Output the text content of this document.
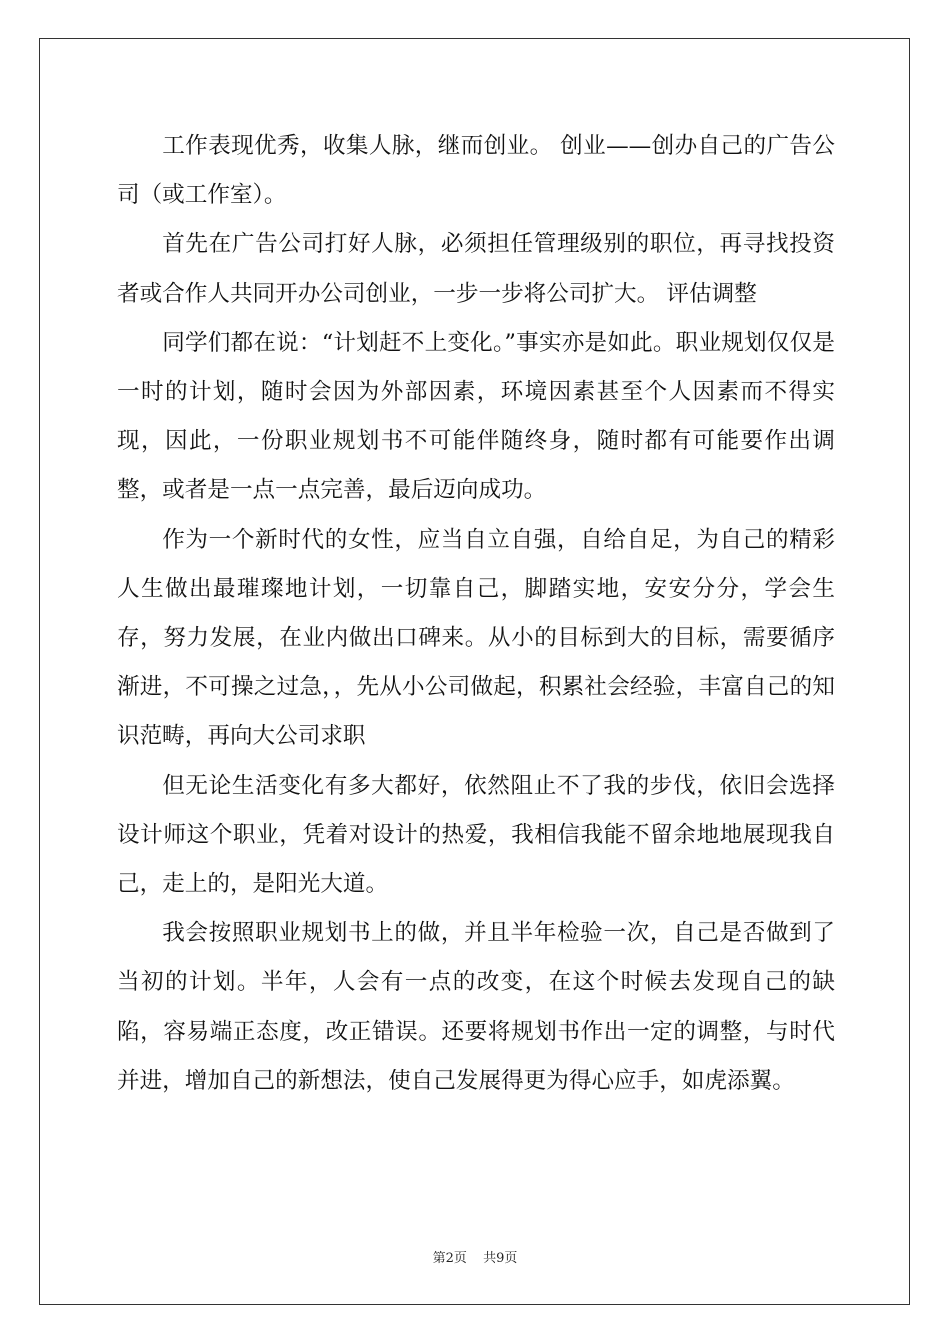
工作表现优秀，收集人脉，继而创业。 创业——创办自己的广告公司（或工作室）。

首先在广告公司打好人脉，必须担任管理级别的职位，再寻找投资者或合作人共同开办公司创业，一步一步将公司扩大。 评估调整

同学们都在说：“计划赶不上变化。”事实亦是如此。职业规划仅仅是一时的计划，随时会因为外部因素，环境因素甚至个人因素而不得实现，因此，一份职业规划书不可能伴随终身，随时都有可能要作出调整，或者是一点一点完善，最后迈向成功。

作为一个新时代的女性，应当自立自强，自给自足，为自己的精彩人生做出最璀璨地计划，一切靠自己，脚踏实地，安安分分，学会生存，努力发展，在业内做出口碑来。从小的目标到大的目标，需要循序渐进，不可操之过急，，先从小公司做起，积累社会经验，丰富自己的知识范畴，再向大公司求职

但无论生活变化有多大都好，依然阻止不了我的步伐，依旧会选择设计师这个职业，凭着对设计的热爱，我相信我能不留余地地展现我自己，走上的，是阳光大道。

我会按照职业规划书上的做，并且半年检验一次，自己是否做到了当初的计划。半年，人会有一点的改变，在这个时候去发现自己的缺陷，容易端正态度，改正错误。还要将规划书作出一定的调整，与时代并进，增加自己的新想法，使自己发展得更为得心应手，如虎添翼。

第2页 共9页
